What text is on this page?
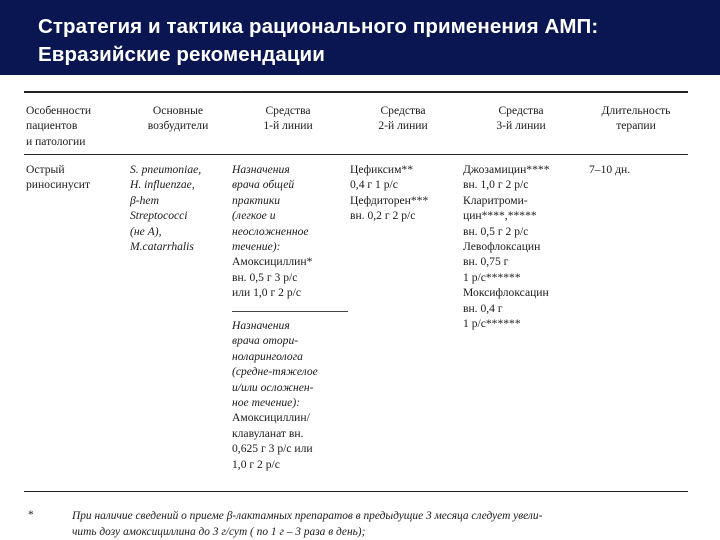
Стратегия и тактика рационального применения АМП:
Евразийские рекомендации
Особенности
пациентов
и патологии
Основные
возбудители
Средства
1-й линии
Средства
2-й линии
Средства
3-й линии
Длительность
терапии
Острый
риносинусит
S. pneumoniae,
H. influenzae,
β-hem
Streptococci
(не А),
M.catarrhalis
Назначения
врача общей
практики
(легкое и
неосложненное
течение):
Амоксициллин*
вн. 0,5 г 3 р/с
или 1,0 г 2 р/с
Назначения
врача отори-
ноларинголога
(средне-тяжелое
и/или осложнен-
ное течение):
Амоксициллин/
клавуланат вн.
0,625 г 3 р/с или
1,0 г 2 р/с
Цефиксим**
0,4 г 1 р/с
Цефдиторен***
вн. 0,2 г 2 р/с
Джозамицин****
вн. 1,0 г 2 р/с
Кларитроми-
цин****,*****
вн. 0,5 г 2 р/с
Левофлоксацин
вн. 0,75 г
1 р/с******
Моксифлоксацин
вн. 0,4 г
1 р/с******
7–10 дн.
*	При наличие сведений о приеме β-лактамных препаратов в предыдущие 3 месяца следует увели-
чить дозу амоксициллина до 3 г/сут ( по 1 г – 3 раза в день);
